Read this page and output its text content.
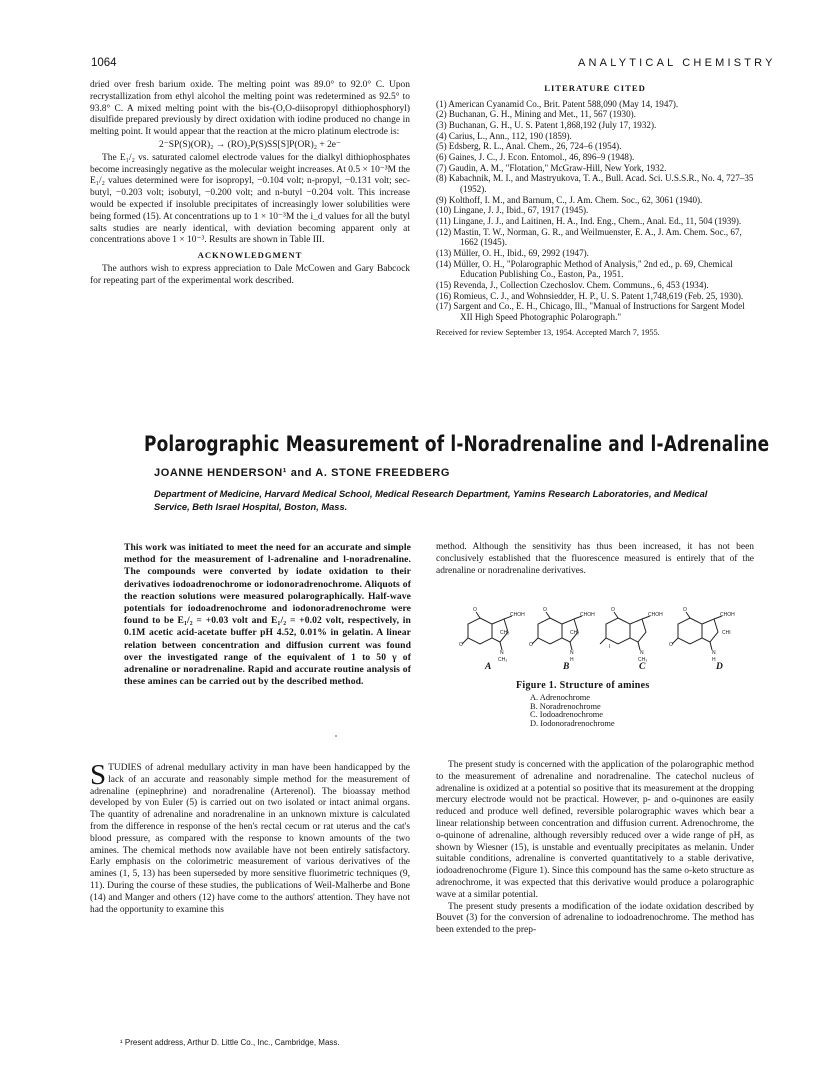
1064	ANALYTICAL CHEMISTRY

dried over fresh barium oxide. The melting point was 89.0° to 92.0° C. Upon recrystallization from ethyl alcohol the melting point was redetermined as 92.5° to 93.8° C. A mixed melting point with the bis-(O,O-diisopropyl dithiophosphoryl) disulfide prepared previously by direct oxidation with iodine produced no change in melting point. It would appear that the reaction at the micro platinum electrode is:

2⁻SP(S)(OR)₂ → (RO)₂P(S)SS[S]P(OR)₂ + 2e⁻

The E₁/₂ vs. saturated calomel electrode values for the dialkyl dithiophosphates become increasingly negative as the molecular weight increases. At 0.5 × 10⁻³M the E₁/₂ values determined were for isopropyl, −0.104 volt; n-propyl, −0.131 volt; sec-butyl, −0.203 volt; isobutyl, −0.200 volt; and n-butyl −0.204 volt. This increase would be expected if insoluble precipitates of increasingly lower solubilities were being formed (15). At concentrations up to 1 × 10⁻³M the i_d values for all the butyl salts studies are nearly identical, with deviation becoming apparent only at concentrations above 1 × 10⁻³. Results are shown in Table III.

ACKNOWLEDGMENT

The authors wish to express appreciation to Dale McCowen and Gary Babcock for repeating part of the experimental work described.

LITERATURE CITED
(1) American Cyanamid Co., Brit. Patent 588,090 (May 14, 1947).
(2) Buchanan, G. H., Mining and Met., 11, 567 (1930).
(3) Buchanan, G. H., U. S. Patent 1,868,192 (July 17, 1932).
(4) Carius, L., Ann., 112, 190 (1859).
(5) Edsberg, R. L., Anal. Chem., 26, 724–6 (1954).
(6) Gaines, J. C., J. Econ. Entomol., 46, 896–9 (1948).
(7) Gaudin, A. M., "Flotation," McGraw-Hill, New York, 1932.
(8) Kabachnik, M. I., and Mastryukova, T. A., Bull. Acad. Sci. U.S.S.R., No. 4, 727–35 (1952).
(9) Kolthoff, I. M., and Barnum, C., J. Am. Chem. Soc., 62, 3061 (1940).
(10) Lingane, J. J., Ibid., 67, 1917 (1945).
(11) Lingane, J. J., and Laitinen, H. A., Ind. Eng., Chem., Anal. Ed., 11, 504 (1939).
(12) Mastin, T. W., Norman, G. R., and Weilmuenster, E. A., J. Am. Chem. Soc., 67, 1662 (1945).
(13) Müller, O. H., Ibid., 69, 2992 (1947).
(14) Müller, O. H., "Polarographic Method of Analysis," 2nd ed., p. 69, Chemical Education Publishing Co., Easton, Pa., 1951.
(15) Revenda, J., Collection Czechoslov. Chem. Communs., 6, 453 (1934).
(16) Romieus, C. J., and Wohnsiedder, H. P., U. S. Patent 1,748,619 (Feb. 25, 1930).
(17) Sargent and Co., E. H., Chicago, Ill., "Manual of Instructions for Sargent Model XII High Speed Photographic Polarograph."
Received for review September 13, 1954. Accepted March 7, 1955.
Polarographic Measurement of l-Noradrenaline and l-Adrenaline
JOANNE HENDERSON¹ and A. STONE FREEDBERG
Department of Medicine, Harvard Medical School, Medical Research Department, Yamins Research Laboratories, and Medical Service, Beth Israel Hospital, Boston, Mass.
This work was initiated to meet the need for an accurate and simple method for the measurement of l-adrenaline and l-noradrenaline. The compounds were converted by iodate oxidation to their derivatives iodoadrenochrome or iodonoradrenochrome. Aliquots of the reaction solutions were measured polarographically. Half-wave potentials for iodoadrenochrome and iodonoradrenochrome were found to be E₁/₂ = +0.03 volt and E₁/₂ = +0.02 volt, respectively, in 0.1M acetic acid-acetate buffer pH 4.52, 0.01% in gelatin. A linear relation between concentration and diffusion current was found over the investigated range of the equivalent of 1 to 50 γ of adrenaline or noradrenaline. Rapid and accurate routine analysis of these amines can be carried out by the described method.

method. Although the sensitivity has thus been increased, it has not been conclusively established that the fluorescence measured is entirely that of the adrenaline or noradrenaline derivatives.

O
CHOH
CH₂
O
N
CH₃
O
CHOH
CH₂
O
N
H
O
CHOH
I
N
CH₃
O
CHOH
CHI
O
N
H
A	B	C	D
Figure 1. Structure of amines
A. Adrenochrome
B. Noradrenochrome
C. Iodoadrenochrome
D. Iodonoradrenochrome
S TUDIES of adrenal medullary activity in man have been handicapped by the lack of an accurate and reasonably simple method for the measurement of adrenaline (epinephrine) and noradrenaline (Arterenol). The bioassay method developed by von Euler (5) is carried out on two isolated or intact animal organs. The quantity of adrenaline and noradrenaline in an unknown mixture is calculated from the difference in response of the hen's rectal cecum or rat uterus and the cat's blood pressure, as compared with the response to known amounts of the two amines. The chemical methods now available have not been entirely satisfactory. Early emphasis on the colorimetric measurement of various derivatives of the amines (1, 5, 13) has been superseded by more sensitive fluorimetric techniques (9, 11). During the course of these studies, the publications of Weil-Malherbe and Bone (14) and Manger and others (12) have come to the authors' attention. They have not had the opportunity to examine this

The present study is concerned with the application of the polarographic method to the measurement of adrenaline and noradrenaline. The catechol nucleus of adrenaline is oxidized at a potential so positive that its measurement at the dropping mercury electrode would not be practical. However, p- and o-quinones are easily reduced and produce well defined, reversible polarographic waves which bear a linear relationship between concentration and diffusion current. Adrenochrome, the o-quinone of adrenaline, although reversibly reduced over a wide range of pH, as shown by Wiesner (15), is unstable and eventually precipitates as melanin. Under suitable conditions, adrenaline is converted quantitatively to a stable derivative, iodoadrenochrome (Figure 1). Since this compound has the same o-keto structure as adrenochrome, it was expected that this derivative would produce a polarographic wave at a similar potential.

The present study presents a modification of the iodate oxidation described by Bouvet (3) for the conversion of adrenaline to iodoadrenochrome. The method has been extended to the prep-

¹ Present address, Arthur D. Little Co., Inc., Cambridge, Mass.
